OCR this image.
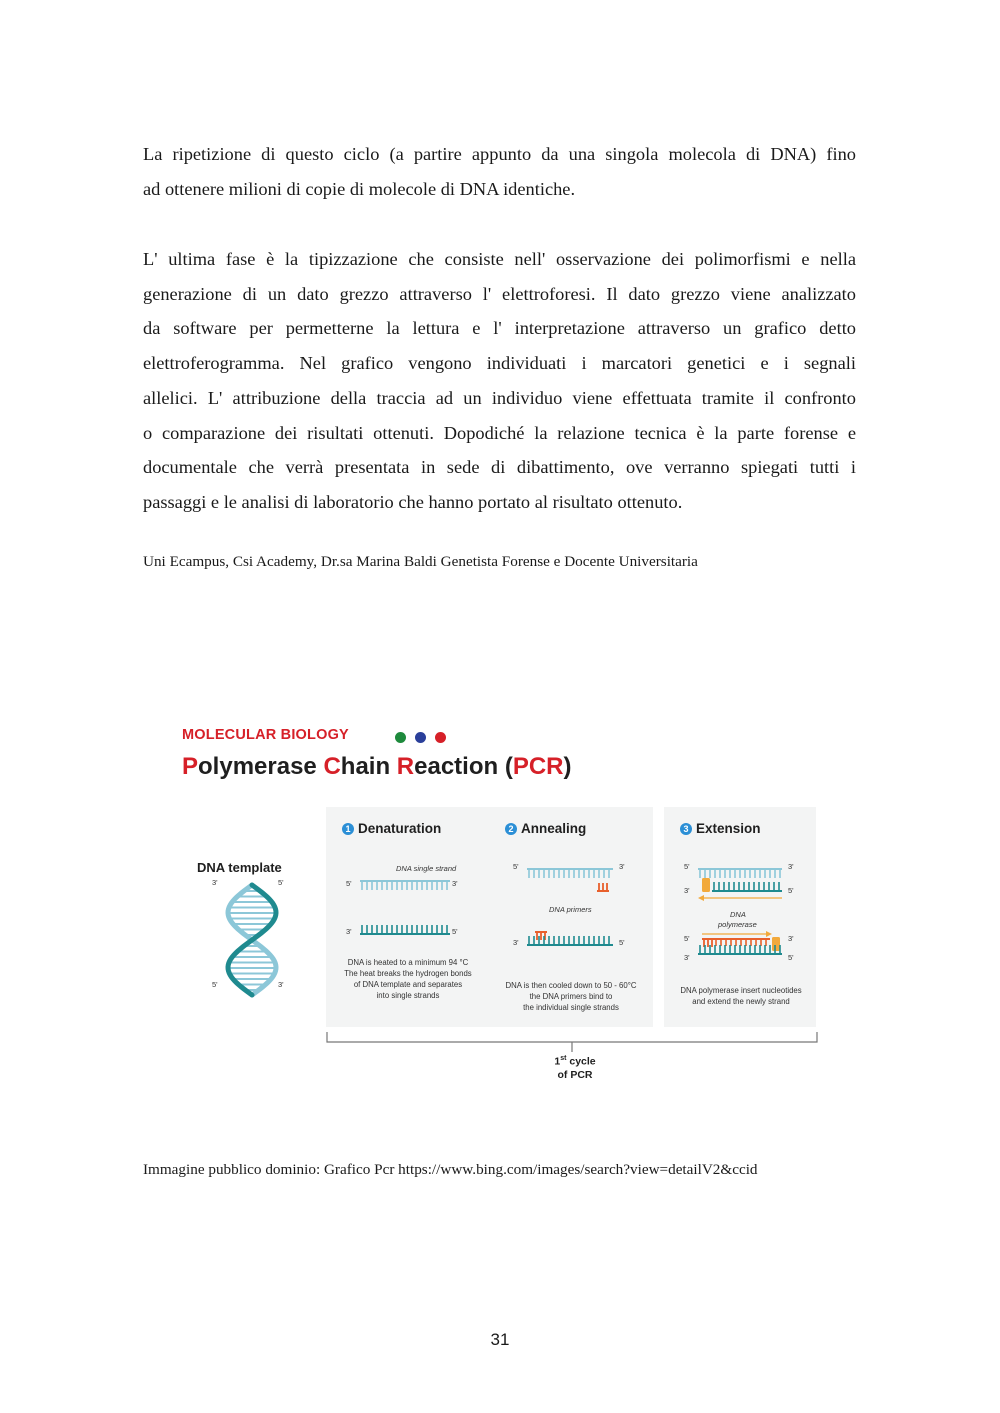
La ripetizione di questo ciclo (a partire appunto da una singola molecola di DNA) fino
ad ottenere milioni di copie di molecole di DNA identiche.
L' ultima fase è la tipizzazione che consiste nell' osservazione dei polimorfismi e nella
generazione di un dato grezzo attraverso l' elettroforesi. Il dato grezzo viene analizzato
da software per permetterne la lettura e l' interpretazione attraverso un grafico detto
elettroferogramma. Nel grafico vengono individuati i marcatori genetici e i segnali
allelici. L' attribuzione della traccia ad un individuo viene effettuata tramite il confronto
o comparazione dei risultati ottenuti. Dopodiché la relazione tecnica è la parte forense e
documentale che verrà presentata in sede di dibattimento, ove verranno spiegati tutti i
passaggi e le analisi di laboratorio che hanno portato al risultato ottenuto.
Uni Ecampus, Csi Academy, Dr.sa Marina Baldi Genetista Forense e Docente Universitaria
MOLECULAR BIOLOGY
Polymerase Chain Reaction (PCR)
DNA template
3'	5'
5'	3'
1 Denaturation
DNA single strand
5'	3'
3'	5'
DNA is heated to a minimum 94 °C
The heat breaks the hydrogen bonds
of DNA template and separates
into single strands
2 Annealing
5'	3'
DNA primers
3'	5'
DNA is then cooled down to 50 - 60°C
the DNA primers bind to
the individual single strands
3 Extension
5'	3'
3'	5'
DNA
polymerase
5'	3'
3'	5'
DNA polymerase insert nucleotides
and extend the newly strand
1st cycle
of PCR
Immagine pubblico dominio: Grafico Pcr https://www.bing.com/images/search?view=detailV2&ccid
31
